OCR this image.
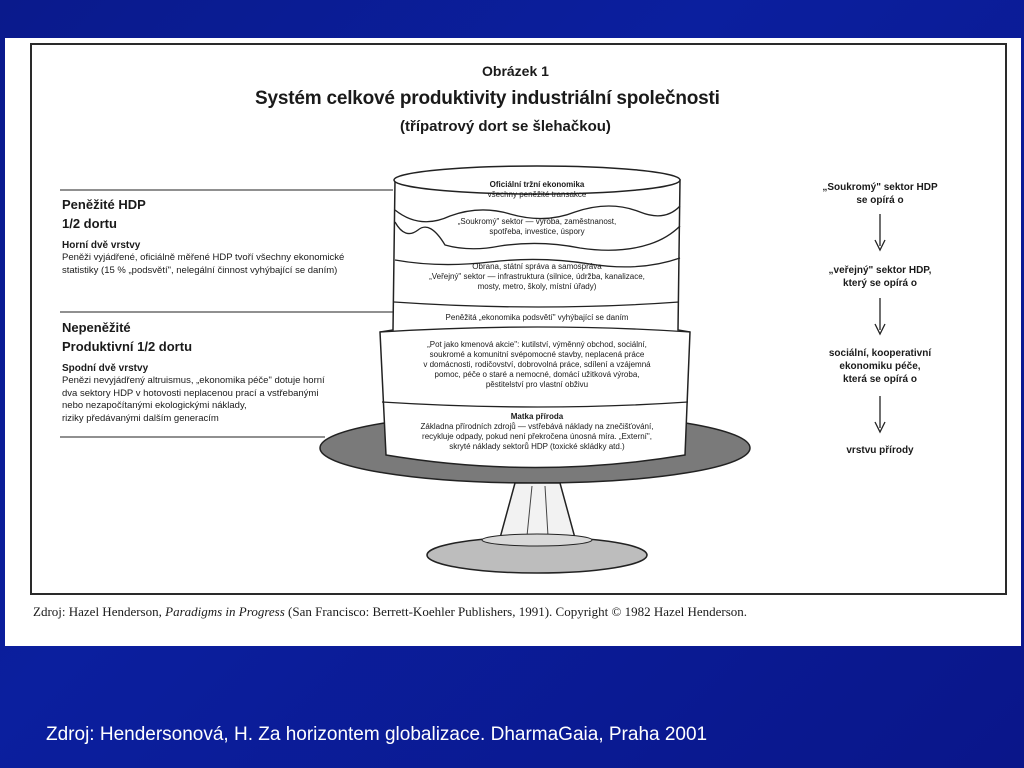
Obrázek 1
Systém celkové produktivity industriální společnosti
(třípatrový dort se šlehačkou)
Peněžité HDP
1/2 dortu
Horní dvě vrstvy
Peněži vyjádřené, oficiálně měřené HDP tvoří všechny ekonomické
statistiky (15 % „podsvětí", nelegální činnost vyhýbající se daním)
Nepeněžité
Produktivní 1/2 dortu
Spodní dvě vrstvy
Penězi nevyjádřený altruismus, „ekonomika péče" dotuje horní
dva sektory HDP v hotovosti neplacenou prací a vstřebanými
nebo nezapočítanými ekologickými náklady,
riziky předávanými dalším generacím
Oficiální tržní ekonomika
všechny peněžité transakce
„Soukromý" sektor — výroba, zaměstnanost,
spotřeba, investice, úspory
Obrana, státní správa a samospráva
„Veřejný" sektor — infrastruktura (silnice, údržba, kanalizace,
mosty, metro, školy, místní úřady)
Peněžitá „ekonomika podsvětí" vyhýbající se daním
„Pot jako kmenová akcie": kutilství, výměnný obchod, sociální,
soukromé a komunitní svépomocné stavby, neplacená práce
v domácnosti, rodičovství, dobrovolná práce, sdílení a vzájemná
pomoc, péče o staré a nemocné, domácí užitková výroba,
pěstitelství pro vlastní obživu
Matka příroda
Základna přírodních zdrojů — vstřebává náklady na znečišťování,
recykluje odpady, pokud není překročena únosná míra. „Externí",
skryté náklady sektorů HDP (toxické skládky atd.)
„Soukromý" sektor HDP
se opírá o
„veřejný" sektor HDP,
který se opírá o
sociální, kooperativní
ekonomiku péče,
která se opírá o
vrstvu přírody
Zdroj: Hazel Henderson, Paradigms in Progress (San Francisco: Berrett-Koehler Publishers, 1991). Copyright © 1982 Hazel Henderson.
Zdroj: Hendersonová, H. Za horizontem globalizace. DharmaGaia, Praha 2001
